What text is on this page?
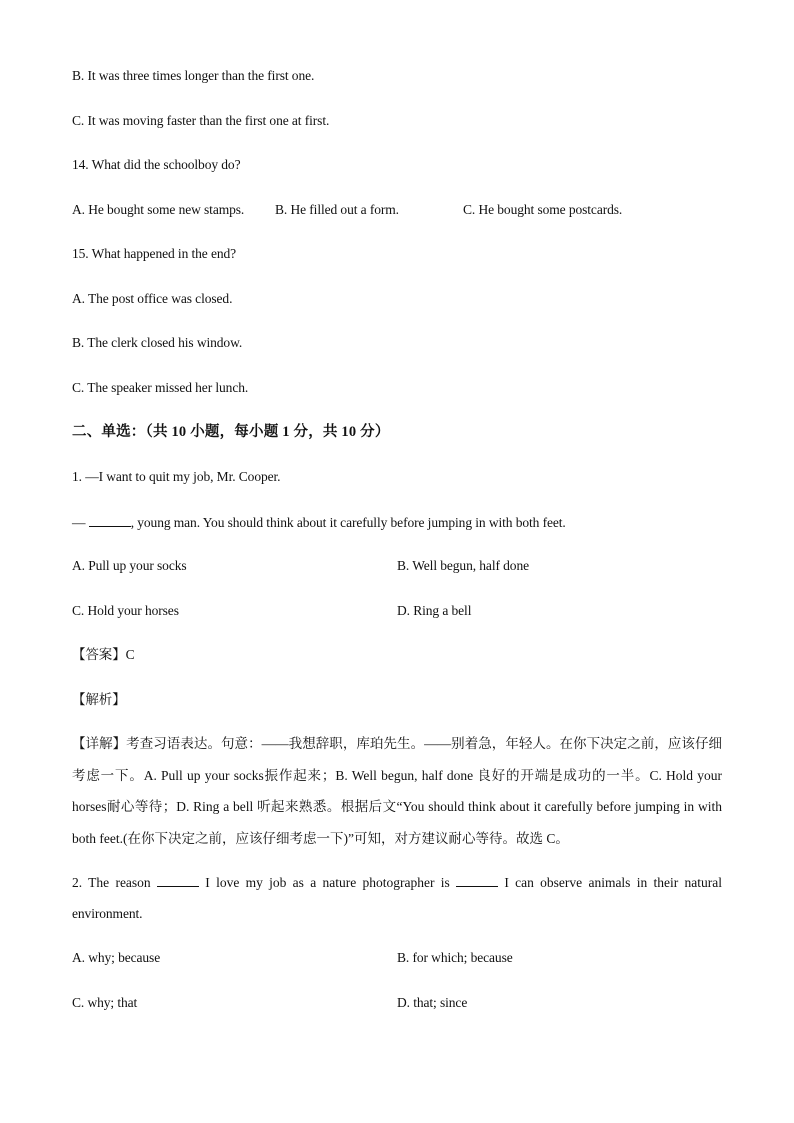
B. It was three times longer than the first one.
C. It was moving faster than the first one at first.
14. What did the schoolboy do?
A. He bought some new stamps. B. He filled out a form.	C. He bought some postcards.
15. What happened in the end?
A. The post office was closed.
B. The clerk closed his window.
C. The speaker missed her lunch.
二、单选：（共 10 小题，每小题 1 分，共 10 分）
1. —I want to quit my job, Mr. Cooper.
—	, young man. You should think about it carefully before jumping in with both feet.
A. Pull up your socks	B. Well begun, half done
C. Hold your horses	D. Ring a bell
【答案】C
【解析】
【详解】考查习语表达。句意：——我想辞职，库珀先生。——别着急，年轻人。在你下决定之前，应该仔细考虑一下。A. Pull up your socks振作起来；B. Well begun, half done 良好的开端是成功的一半。C. Hold your horses耐心等待；D. Ring a bell 听起来熟悉。根据后文“You should think about it carefully before jumping in with both feet.(在你下决定之前，应该仔细考虑一下)”可知，对方建议耐心等待。故选 C。
2. The reason	I love my job as a nature photographer is	I can observe animals in their natural
environment.
A. why; because	B. for which; because
C. why; that	D. that; since
